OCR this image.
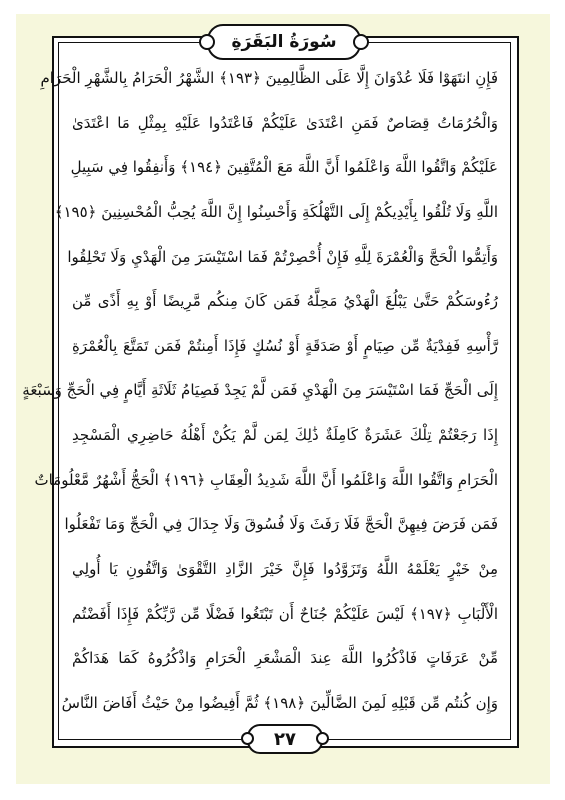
سُورَةُ البَقَرَةِ
فَإِنِ انتَهَوْا فَلَا عُدْوَانَ إِلَّا عَلَى الظَّالِمِينَ ﴿١٩٣﴾ الشَّهْرُ الْحَرَامُ بِالشَّهْرِ الْحَرَامِ
وَالْحُرُمَاتُ قِصَاصٌ فَمَنِ اعْتَدَىٰ عَلَيْكُمْ فَاعْتَدُوا عَلَيْهِ بِمِثْلِ مَا اعْتَدَىٰ
عَلَيْكُمْ وَاتَّقُوا اللَّهَ وَاعْلَمُوا أَنَّ اللَّهَ مَعَ الْمُتَّقِينَ ﴿١٩٤﴾ وَأَنفِقُوا فِي سَبِيلِ
اللَّهِ وَلَا تُلْقُوا بِأَيْدِيكُمْ إِلَى التَّهْلُكَةِ وَأَحْسِنُوا إِنَّ اللَّهَ يُحِبُّ الْمُحْسِنِينَ ﴿١٩٥﴾
وَأَتِمُّوا الْحَجَّ وَالْعُمْرَةَ لِلَّهِ فَإِنْ أُحْصِرْتُمْ فَمَا اسْتَيْسَرَ مِنَ الْهَدْيِ وَلَا تَحْلِقُوا
رُءُوسَكُمْ حَتَّىٰ يَبْلُغَ الْهَدْيُ مَحِلَّهُ فَمَن كَانَ مِنكُم مَّرِيضًا أَوْ بِهِ أَذًى مِّن
رَّأْسِهِ فَفِدْيَةٌ مِّن صِيَامٍ أَوْ صَدَقَةٍ أَوْ نُسُكٍ فَإِذَا أَمِنتُمْ فَمَن تَمَتَّعَ بِالْعُمْرَةِ
إِلَى الْحَجِّ فَمَا اسْتَيْسَرَ مِنَ الْهَدْيِ فَمَن لَّمْ يَجِدْ فَصِيَامُ ثَلَاثَةِ أَيَّامٍ فِي الْحَجِّ وَسَبْعَةٍ
إِذَا رَجَعْتُمْ تِلْكَ عَشَرَةٌ كَامِلَةٌ ذَٰلِكَ لِمَن لَّمْ يَكُنْ أَهْلُهُ حَاضِرِي الْمَسْجِدِ
الْحَرَامِ وَاتَّقُوا اللَّهَ وَاعْلَمُوا أَنَّ اللَّهَ شَدِيدُ الْعِقَابِ ﴿١٩٦﴾ الْحَجُّ أَشْهُرٌ مَّعْلُومَاتٌ
فَمَن فَرَضَ فِيهِنَّ الْحَجَّ فَلَا رَفَثَ وَلَا فُسُوقَ وَلَا جِدَالَ فِي الْحَجِّ وَمَا تَفْعَلُوا
مِنْ خَيْرٍ يَعْلَمْهُ اللَّهُ وَتَزَوَّدُوا فَإِنَّ خَيْرَ الزَّادِ التَّقْوَىٰ وَاتَّقُونِ يَا أُولِي
الْأَلْبَابِ ﴿١٩٧﴾ لَيْسَ عَلَيْكُمْ جُنَاحٌ أَن تَبْتَغُوا فَضْلًا مِّن رَّبِّكُمْ فَإِذَا أَفَضْتُم
مِّنْ عَرَفَاتٍ فَاذْكُرُوا اللَّهَ عِندَ الْمَشْعَرِ الْحَرَامِ وَاذْكُرُوهُ كَمَا هَدَاكُمْ
وَإِن كُنتُم مِّن قَبْلِهِ لَمِنَ الضَّالِّينَ ﴿١٩٨﴾ ثُمَّ أَفِيضُوا مِنْ حَيْثُ أَفَاضَ النَّاسُ
٢٧
